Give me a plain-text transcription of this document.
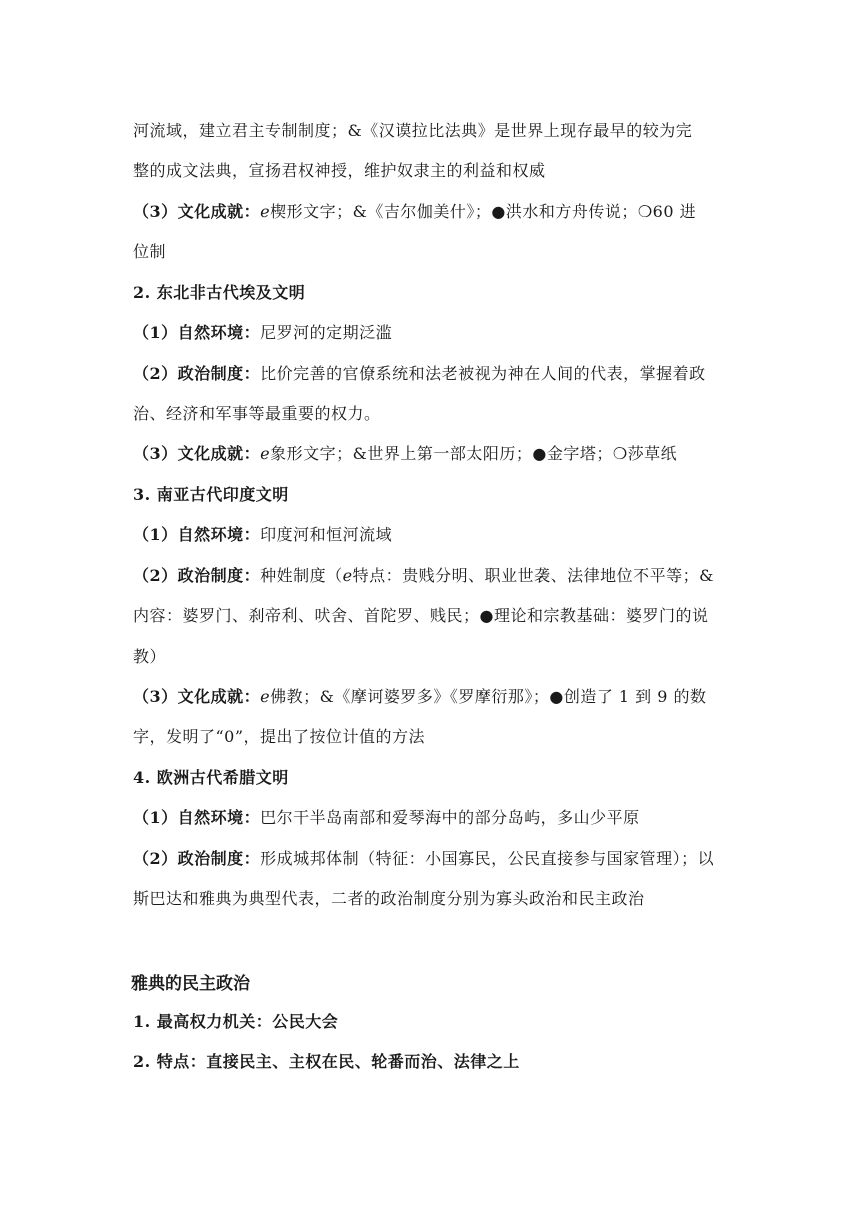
河流域，建立君主专制制度；&《汉谟拉比法典》是世界上现存最早的较为完
整的成文法典，宣扬君权神授，维护奴隶主的利益和权威
（3）文化成就：ℯ楔形文字；&《吉尔伽美什》；●洪水和方舟传说；❍60 进
位制
2. 东北非古代埃及文明
（1）自然环境：尼罗河的定期泛滥
（2）政治制度：比价完善的官僚系统和法老被视为神在人间的代表，掌握着政
治、经济和军事等最重要的权力。
（3）文化成就：ℯ象形文字；&世界上第一部太阳历；●金字塔；❍莎草纸
3. 南亚古代印度文明
（1）自然环境：印度河和恒河流域
（2）政治制度：种姓制度（ℯ特点：贵贱分明、职业世袭、法律地位不平等；&
内容：婆罗门、刹帝利、吠舍、首陀罗、贱民；●理论和宗教基础：婆罗门的说
教）
（3）文化成就：ℯ佛教；&《摩诃婆罗多》《罗摩衍那》；●创造了 1 到 9 的数
字，发明了“0”，提出了按位计值的方法
4. 欧洲古代希腊文明
（1）自然环境：巴尔干半岛南部和爱琴海中的部分岛屿，多山少平原
（2）政治制度：形成城邦体制（特征：小国寡民，公民直接参与国家管理）；以
斯巴达和雅典为典型代表，二者的政治制度分别为寡头政治和民主政治
雅典的民主政治
1. 最高权力机关：公民大会
2. 特点：直接民主、主权在民、轮番而治、法律之上
